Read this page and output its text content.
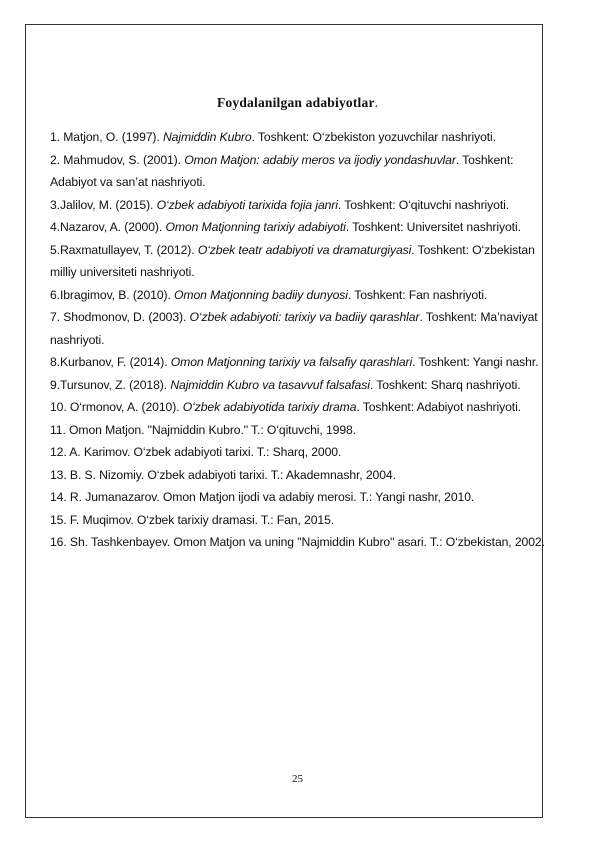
Foydalanilgan adabiyotlar.

1. Matjon, O. (1997). Najmiddin Kubro. Toshkent: O‘zbekiston yozuvchilar nashriyoti.

2. Mahmudov, S. (2001). Omon Matjon: adabiy meros va ijodiy yondashuvlar. Toshkent: Adabiyot va san’at nashriyoti.

3.Jalilov, M. (2015). O‘zbek adabiyoti tarixida fojia janri. Toshkent: O‘qituvchi nashriyoti.

4.Nazarov, A. (2000). Omon Matjonning tarixiy adabiyoti. Toshkent: Universitet nashriyoti.

5.Raxmatullayev, T. (2012). O‘zbek teatr adabiyoti va dramaturgiyasi. Toshkent: O‘zbekistan milliy universiteti nashriyoti.

6.Ibragimov, B. (2010). Omon Matjonning badiiy dunyosi. Toshkent: Fan nashriyoti.

7. Shodmonov, D. (2003). O‘zbek adabiyoti: tarixiy va badiiy qarashlar. Toshkent: Ma’naviyat nashriyoti.

8.Kurbanov, F. (2014). Omon Matjonning tarixiy va falsafiy qarashlari. Toshkent: Yangi nashr.

9.Tursunov, Z. (2018). Najmiddin Kubro va tasavvuf falsafasi. Toshkent: Sharq nashriyoti.

10. O‘rmonov, A. (2010). O‘zbek adabiyotida tarixiy drama. Toshkent: Adabiyot nashriyoti.

11. Omon Matjon. "Najmiddin Kubro." T.: O‘qituvchi, 1998.

12. A. Karimov. O‘zbek adabiyoti tarixi. T.: Sharq, 2000.

13. B. S. Nizomiy. O‘zbek adabiyoti tarixi. T.: Akademnashr, 2004.

14. R. Jumanazarov. Omon Matjon ijodi va adabiy merosi. T.: Yangi nashr, 2010.

15. F. Muqimov. O‘zbek tarixiy dramasi. T.: Fan, 2015.

16. Sh. Tashkenbayev. Omon Matjon va uning "Najmiddin Kubro" asari. T.: O‘zbekistan, 2002.

25
